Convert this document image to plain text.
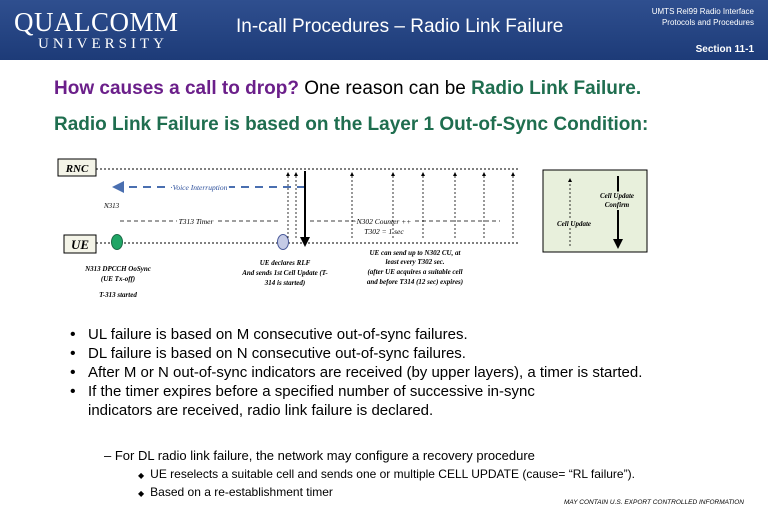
QUALCOMM
UNIVERSITY
In-call Procedures – Radio Link Failure
UMTS Rel99 Radio Interface
Protocols and Procedures
Section 11-1
How causes a call to drop? One reason can be Radio Link Failure.
Radio Link Failure is based on the Layer 1 Out-of-Sync Condition:
RNC
UE
Voice Interruption
N313
T313 Timer	N302 Counter ++
T302 = 1 sec
N313 DPCCH OoSync
(UE Tx-off)
T-313 started
UE declares RLF
And sends 1st Cell Update (T-
314 is started)
UE can send up to N302 CU, at
least every T302 sec.
(after UE acquires a suitable cell
and before T314 (12 sec) expires)
Cell Update
Confirm
Cell Update
• UL failure is based on M consecutive out-of-sync failures.
• DL failure is based on N consecutive out-of-sync failures.
• After M or N out-of-sync indicators are received (by upper layers), a timer is started.
• If the timer expires before a specified number of successive in-sync indicators are received, radio link failure is declared.
– For DL radio link failure, the network may configure a recovery procedure
◆ UE reselects a suitable cell and sends one or multiple CELL UPDATE (cause= “RL failure”).
◆ Based on a re-establishment timer
MAY CONTAIN U.S. EXPORT CONTROLLED INFORMATION
